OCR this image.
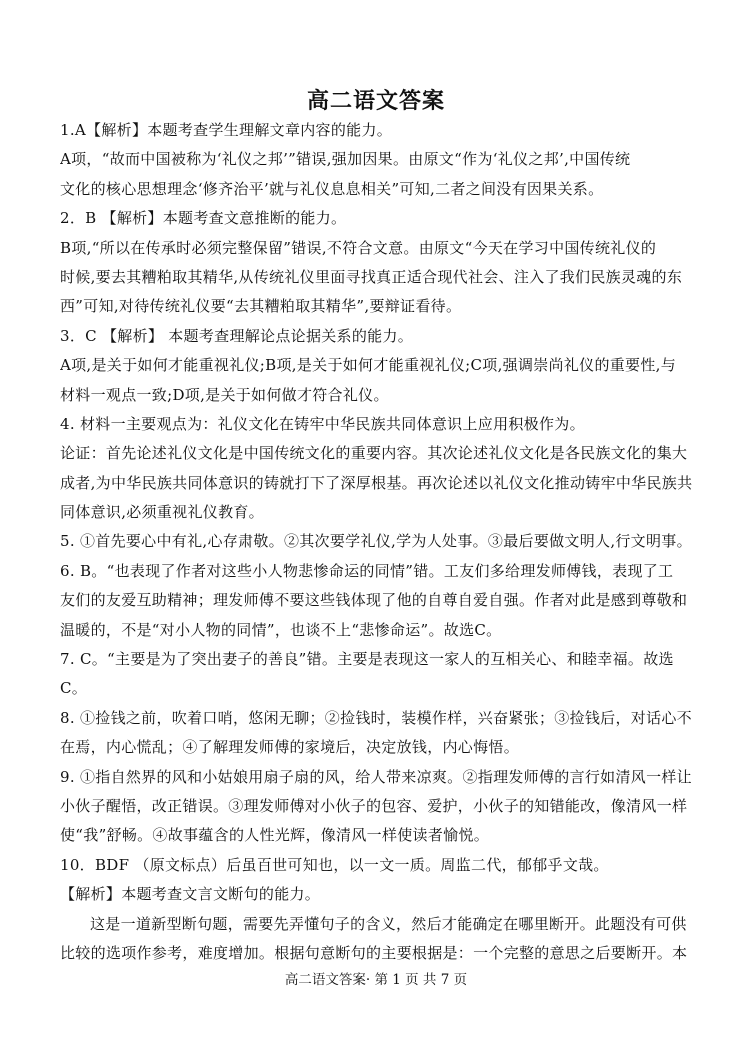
高二语文答案
1.A【解析】本题考查学生理解文章内容的能力。
A项，“故而中国被称为‘礼仪之邦’”错误,强加因果。由原文“作为‘礼仪之邦’,中国传统
文化的核心思想理念‘修齐治平’就与礼仪息息相关”可知,二者之间没有因果关系。
2．B 【解析】本题考查文意推断的能力。
B项,“所以在传承时必须完整保留”错误,不符合文意。由原文“今天在学习中国传统礼仪的
时候,要去其糟粕取其精华,从传统礼仪里面寻找真正适合现代社会、注入了我们民族灵魂的东
西”可知,对待传统礼仪要“去其糟粕取其精华”,要辩证看待。
3．C 【解析】 本题考查理解论点论据关系的能力。
A项,是关于如何才能重视礼仪;B项,是关于如何才能重视礼仪;C项,强调崇尚礼仪的重要性,与
材料一观点一致;D项,是关于如何做才符合礼仪。
4. 材料一主要观点为：礼仪文化在铸牢中华民族共同体意识上应用积极作为。
论证：首先论述礼仪文化是中国传统文化的重要内容。其次论述礼仪文化是各民族文化的集大
成者,为中华民族共同体意识的铸就打下了深厚根基。再次论述以礼仪文化推动铸牢中华民族共
同体意识,必须重视礼仪教育。
5. ①首先要心中有礼,心存肃敬。②其次要学礼仪,学为人处事。③最后要做文明人,行文明事。
6. B。“也表现了作者对这些小人物悲惨命运的同情”错。工友们多给理发师傅钱，表现了工
友们的友爱互助精神；理发师傅不要这些钱体现了他的自尊自爱自强。作者对此是感到尊敬和
温暖的，不是“对小人物的同情”，也谈不上“悲惨命运”。故选C。
7. C。“主要是为了突出妻子的善良”错。主要是表现这一家人的互相关心、和睦幸福。故选
C。
8. ①捡钱之前，吹着口哨，悠闲无聊；②捡钱时，装模作样，兴奋紧张；③捡钱后，对话心不
在焉，内心慌乱；④了解理发师傅的家境后，决定放钱，内心悔悟。
9. ①指自然界的风和小姑娘用扇子扇的风，给人带来凉爽。②指理发师傅的言行如清风一样让
小伙子醒悟，改正错误。③理发师傅对小伙子的包容、爱护，小伙子的知错能改，像清风一样
使“我”舒畅。④故事蕴含的人性光辉，像清风一样使读者愉悦。
10．BDF （原文标点）后虽百世可知也，以一文一质。周监二代，郁郁乎文哉。
【解析】本题考查文言文断句的能力。
这是一道新型断句题，需要先弄懂句子的含义，然后才能确定在哪里断开。此题没有可供
比较的选项作参考，难度增加。根据句意断句的主要根据是：一个完整的意思之后要断开。本
高二语文答案· 第 1 页 共 7 页
